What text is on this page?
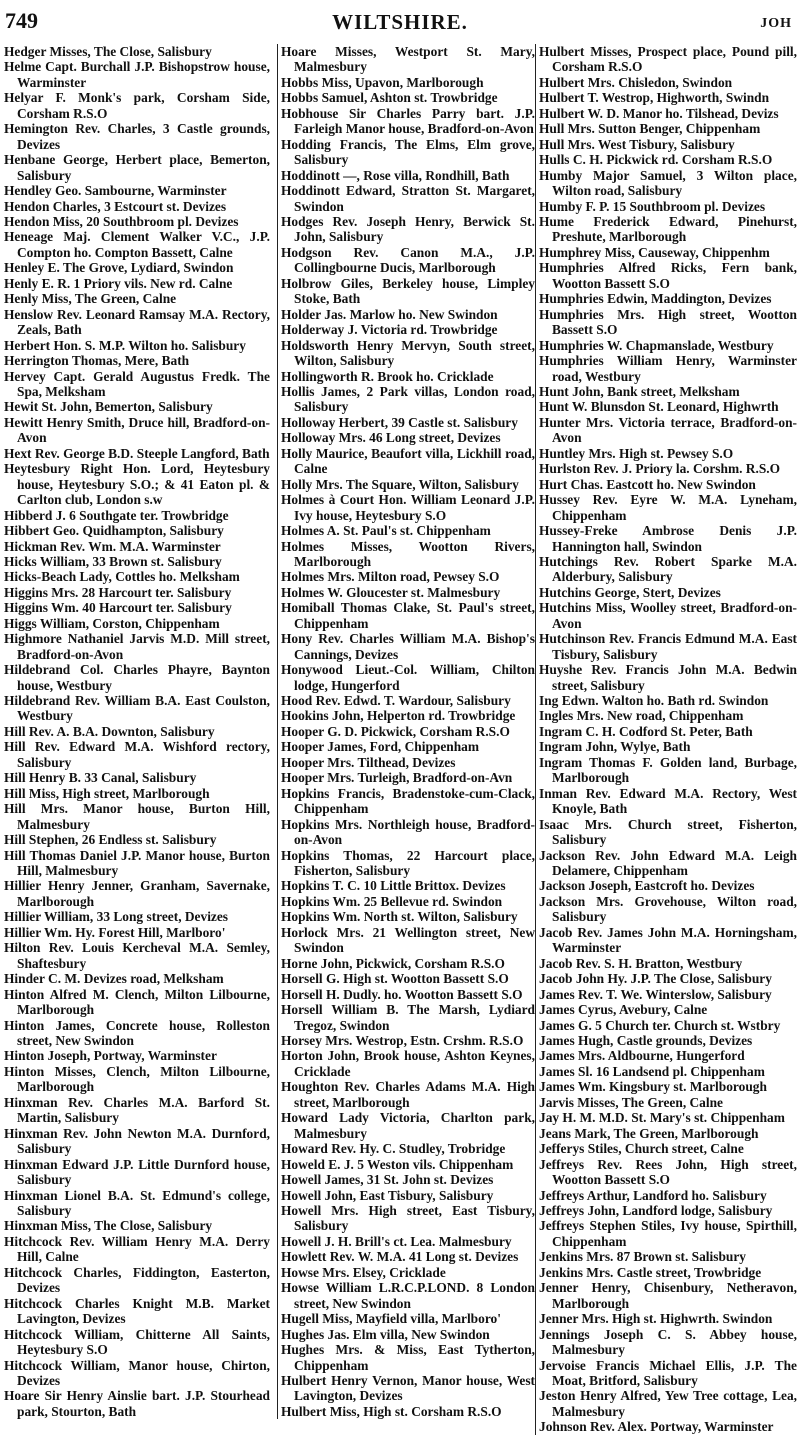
749	WILTSHIRE.	JOH

Hedger Misses, The Close, Salisbury

Helme Capt. Burchall J.P. Bishopstrow house, Warminster

Helyar F. Monk's park, Corsham Side, Corsham R.S.O

Hemington Rev. Charles, 3 Castle grounds, Devizes

Henbane George, Herbert place, Bemerton, Salisbury

Hendley Geo. Sambourne, Warminster

Hendon Charles, 3 Estcourt st. Devizes

Hendon Miss, 20 Southbroom pl. Devizes

Heneage Maj. Clement Walker V.C., J.P. Compton ho. Compton Bassett, Calne

Henley E. The Grove, Lydiard, Swindon

Henly E. R. 1 Priory vils. New rd. Calne

Henly Miss, The Green, Calne

Henslow Rev. Leonard Ramsay M.A. Rectory, Zeals, Bath

Herbert Hon. S. M.P. Wilton ho. Salisbury

Herrington Thomas, Mere, Bath

Hervey Capt. Gerald Augustus Fredk. The Spa, Melksham

Hewit St. John, Bemerton, Salisbury

Hewitt Henry Smith, Druce hill, Bradford-on-Avon

Hext Rev. George B.D. Steeple Langford, Bath

Heytesbury Right Hon. Lord, Heytesbury house, Heytesbury S.O.; & 41 Eaton pl. & Carlton club, London s.w

Hibberd J. 6 Southgate ter. Trowbridge

Hibbert Geo. Quidhampton, Salisbury

Hickman Rev. Wm. M.A. Warminster

Hicks William, 33 Brown st. Salisbury

Hicks-Beach Lady, Cottles ho. Melksham

Higgins Mrs. 28 Harcourt ter. Salisbury

Higgins Wm. 40 Harcourt ter. Salisbury

Higgs William, Corston, Chippenham

Highmore Nathaniel Jarvis M.D. Mill street, Bradford-on-Avon

Hildebrand Col. Charles Phayre, Baynton house, Westbury

Hildebrand Rev. William B.A. East Coulston, Westbury

Hill Rev. A. B.A. Downton, Salisbury

Hill Rev. Edward M.A. Wishford rectory, Salisbury

Hill Henry B. 33 Canal, Salisbury

Hill Miss, High street, Marlborough

Hill Mrs. Manor house, Burton Hill, Malmesbury

Hill Stephen, 26 Endless st. Salisbury

Hill Thomas Daniel J.P. Manor house, Burton Hill, Malmesbury

Hillier Henry Jenner, Granham, Savernake, Marlborough

Hillier William, 33 Long street, Devizes

Hillier Wm. Hy. Forest Hill, Marlboro'

Hilton Rev. Louis Kercheval M.A. Semley, Shaftesbury

Hinder C. M. Devizes road, Melksham

Hinton Alfred M. Clench, Milton Lilbourne, Marlborough

Hinton James, Concrete house, Rolleston street, New Swindon

Hinton Joseph, Portway, Warminster

Hinton Misses, Clench, Milton Lilbourne, Marlborough

Hinxman Rev. Charles M.A. Barford St. Martin, Salisbury

Hinxman Rev. John Newton M.A. Durnford, Salisbury

Hinxman Edward J.P. Little Durnford house, Salisbury

Hinxman Lionel B.A. St. Edmund's college, Salisbury

Hinxman Miss, The Close, Salisbury

Hitchcock Rev. William Henry M.A. Derry Hill, Calne

Hitchcock Charles, Fiddington, Easterton, Devizes

Hitchcock Charles Knight M.B. Market Lavington, Devizes

Hitchcock William, Chitterne All Saints, Heytesbury S.O

Hitchcock William, Manor house, Chirton, Devizes

Hoare Sir Henry Ainslie bart. J.P. Stourhead park, Stourton, Bath

Hoare Misses, Westport St. Mary, Malmesbury

Hobbs Miss, Upavon, Marlborough

Hobbs Samuel, Ashton st. Trowbridge

Hobhouse Sir Charles Parry bart. J.P. Farleigh Manor house, Bradford-on-Avon

Hodding Francis, The Elms, Elm grove, Salisbury

Hoddinott —, Rose villa, Rondhill, Bath

Hoddinott Edward, Stratton St. Margaret, Swindon

Hodges Rev. Joseph Henry, Berwick St. John, Salisbury

Hodgson Rev. Canon M.A., J.P. Collingbourne Ducis, Marlborough

Holbrow Giles, Berkeley house, Limpley Stoke, Bath

Holder Jas. Marlow ho. New Swindon

Holderway J. Victoria rd. Trowbridge

Holdsworth Henry Mervyn, South street, Wilton, Salisbury

Hollingworth R. Brook ho. Cricklade

Hollis James, 2 Park villas, London road, Salisbury

Holloway Herbert, 39 Castle st. Salisbury

Holloway Mrs. 46 Long street, Devizes

Holly Maurice, Beaufort villa, Lickhill road, Calne

Holly Mrs. The Square, Wilton, Salisbury

Holmes à Court Hon. William Leonard J.P. Ivy house, Heytesbury S.O

Holmes A. St. Paul's st. Chippenham

Holmes Misses, Wootton Rivers, Marlborough

Holmes Mrs. Milton road, Pewsey S.O

Holmes W. Gloucester st. Malmesbury

Homiball Thomas Clake, St. Paul's street, Chippenham

Hony Rev. Charles William M.A. Bishop's Cannings, Devizes

Honywood Lieut.-Col. William, Chilton lodge, Hungerford

Hood Rev. Edwd. T. Wardour, Salisbury

Hookins John, Helperton rd. Trowbridge

Hooper G. D. Pickwick, Corsham R.S.O

Hooper James, Ford, Chippenham

Hooper Mrs. Tilthead, Devizes

Hooper Mrs. Turleigh, Bradford-on-Avn

Hopkins Francis, Bradenstoke-cum-Clack, Chippenham

Hopkins Mrs. Northleigh house, Bradford-on-Avon

Hopkins Thomas, 22 Harcourt place, Fisherton, Salisbury

Hopkins T. C. 10 Little Brittox. Devizes

Hopkins Wm. 25 Bellevue rd. Swindon

Hopkins Wm. North st. Wilton, Salisbury

Horlock Mrs. 21 Wellington street, New Swindon

Horne John, Pickwick, Corsham R.S.O

Horsell G. High st. Wootton Bassett S.O

Horsell H. Dudly. ho. Wootton Bassett S.O

Horsell William B. The Marsh, Lydiard Tregoz, Swindon

Horsey Mrs. Westrop, Estn. Crshm. R.S.O

Horton John, Brook house, Ashton Keynes, Cricklade

Houghton Rev. Charles Adams M.A. High street, Marlborough

Howard Lady Victoria, Charlton park, Malmesbury

Howard Rev. Hy. C. Studley, Trobridge

Howeld E. J. 5 Weston vils. Chippenham

Howell James, 31 St. John st. Devizes

Howell John, East Tisbury, Salisbury

Howell Mrs. High street, East Tisbury, Salisbury

Howell J. H. Brill's ct. Lea. Malmesbury

Howlett Rev. W. M.A. 41 Long st. Devizes

Howse Mrs. Elsey, Cricklade

Howse William L.R.C.P.LOND. 8 London street, New Swindon

Hugell Miss, Mayfield villa, Marlboro'

Hughes Jas. Elm villa, New Swindon

Hughes Mrs. & Miss, East Tytherton, Chippenham

Hulbert Henry Vernon, Manor house, West Lavington, Devizes

Hulbert Miss, High st. Corsham R.S.O

Hulbert Misses, Prospect place, Pound pill, Corsham R.S.O

Hulbert Mrs. Chisledon, Swindon

Hulbert T. Westrop, Highworth, Swindn

Hulbert W. D. Manor ho. Tilshead, Devizs

Hull Mrs. Sutton Benger, Chippenham

Hull Mrs. West Tisbury, Salisbury

Hulls C. H. Pickwick rd. Corsham R.S.O

Humby Major Samuel, 3 Wilton place, Wilton road, Salisbury

Humby F. P. 15 Southbroom pl. Devizes

Hume Frederick Edward, Pinehurst, Preshute, Marlborough

Humphrey Miss, Causeway, Chippenhm

Humphries Alfred Ricks, Fern bank, Wootton Bassett S.O

Humphries Edwin, Maddington, Devizes

Humphries Mrs. High street, Wootton Bassett S.O

Humphries W. Chapmanslade, Westbury

Humphries William Henry, Warminster road, Westbury

Hunt John, Bank street, Melksham

Hunt W. Blunsdon St. Leonard, Highwrth

Hunter Mrs. Victoria terrace, Bradford-on-Avon

Huntley Mrs. High st. Pewsey S.O

Hurlston Rev. J. Priory la. Corshm. R.S.O

Hurt Chas. Eastcott ho. New Swindon

Hussey Rev. Eyre W. M.A. Lyneham, Chippenham

Hussey-Freke Ambrose Denis J.P. Hannington hall, Swindon

Hutchings Rev. Robert Sparke M.A. Alderbury, Salisbury

Hutchins George, Stert, Devizes

Hutchins Miss, Woolley street, Bradford-on-Avon

Hutchinson Rev. Francis Edmund M.A. East Tisbury, Salisbury

Huyshe Rev. Francis John M.A. Bedwin street, Salisbury

Ing Edwn. Walton ho. Bath rd. Swindon

Ingles Mrs. New road, Chippenham

Ingram C. H. Codford St. Peter, Bath

Ingram John, Wylye, Bath

Ingram Thomas F. Golden land, Burbage, Marlborough

Inman Rev. Edward M.A. Rectory, West Knoyle, Bath

Isaac Mrs. Church street, Fisherton, Salisbury

Jackson Rev. John Edward M.A. Leigh Delamere, Chippenham

Jackson Joseph, Eastcroft ho. Devizes

Jackson Mrs. Grovehouse, Wilton road, Salisbury

Jacob Rev. James John M.A. Horningsham, Warminster

Jacob Rev. S. H. Bratton, Westbury

Jacob John Hy. J.P. The Close, Salisbury

James Rev. T. We. Winterslow, Salisbury

James Cyrus, Avebury, Calne

James G. 5 Church ter. Church st. Wstbry

James Hugh, Castle grounds, Devizes

James Mrs. Aldbourne, Hungerford

James Sl. 16 Landsend pl. Chippenham

James Wm. Kingsbury st. Marlborough

Jarvis Misses, The Green, Calne

Jay H. M. M.D. St. Mary's st. Chippenham

Jeans Mark, The Green, Marlborough

Jefferys Stiles, Church street, Calne

Jeffreys Rev. Rees John, High street, Wootton Bassett S.O

Jeffreys Arthur, Landford ho. Salisbury

Jeffreys John, Landford lodge, Salisbury

Jeffreys Stephen Stiles, Ivy house, Spirthill, Chippenham

Jenkins Mrs. 87 Brown st. Salisbury

Jenkins Mrs. Castle street, Trowbridge

Jenner Henry, Chisenbury, Netheravon, Marlborough

Jenner Mrs. High st. Highwrth. Swindon

Jennings Joseph C. S. Abbey house, Malmesbury

Jervoise Francis Michael Ellis, J.P. The Moat, Britford, Salisbury

Jeston Henry Alfred, Yew Tree cottage, Lea, Malmesbury

Johnson Rev. Alex. Portway, Warminster
